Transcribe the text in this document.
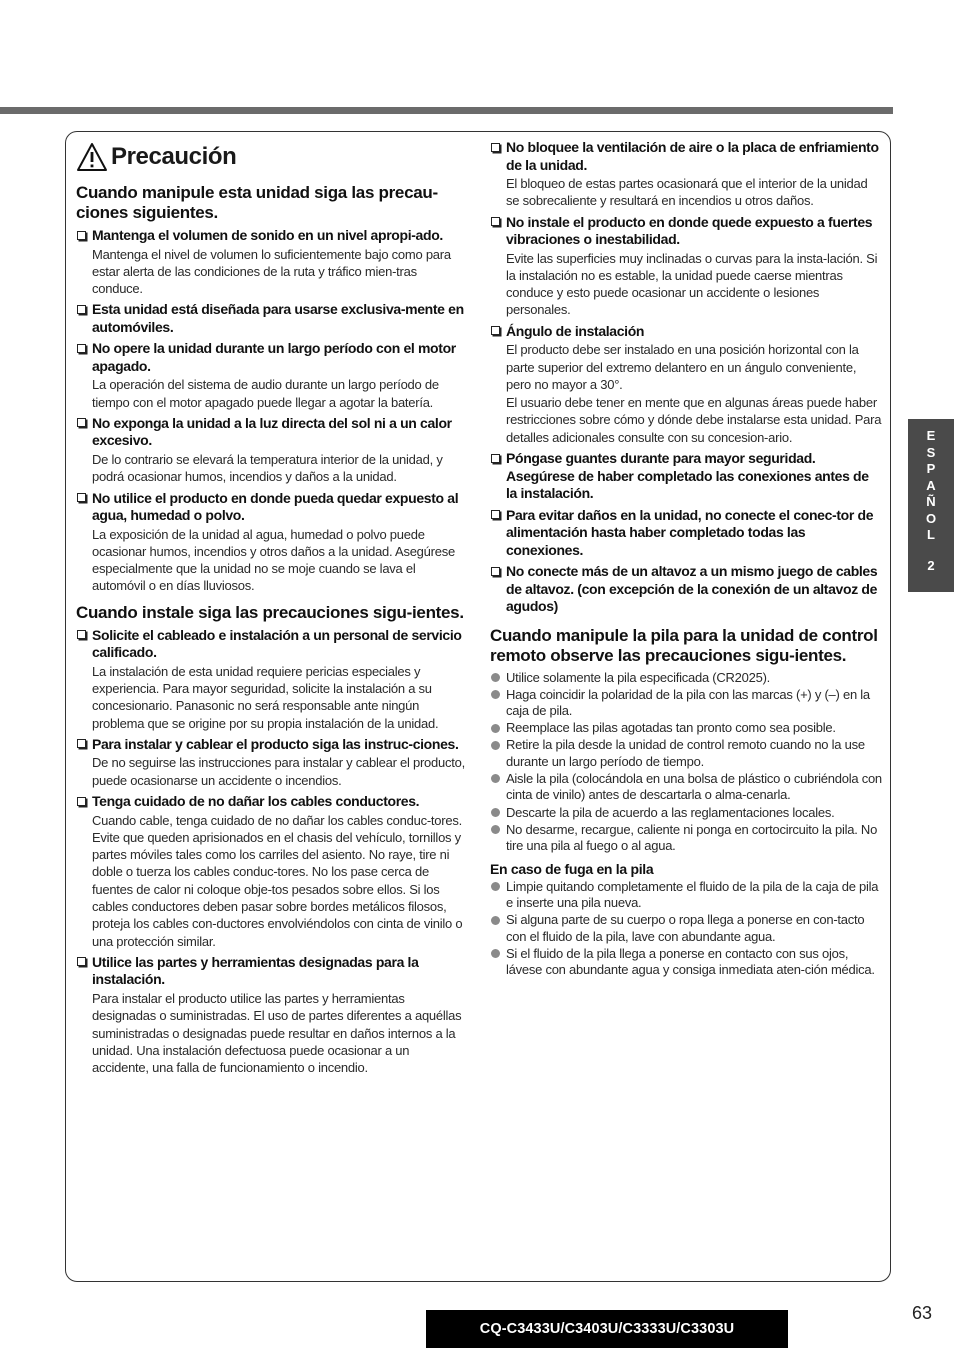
Precaución
Cuando manipule esta unidad siga las precau-ciones siguientes.
Mantenga el volumen de sonido en un nivel apropi-ado.
Mantenga el nivel de volumen lo suficientemente bajo como para estar alerta de las condiciones de la ruta y tráfico mien-tras conduce.
Esta unidad está diseñada para usarse exclusiva-mente en automóviles.
No opere la unidad durante un largo período con el motor apagado.
La operación del sistema de audio durante un largo período de tiempo con el motor apagado puede llegar a agotar la batería.
No exponga la unidad a la luz directa del sol ni a un calor excesivo.
De lo contrario se elevará la temperatura interior de la unidad, y podrá ocasionar humos, incendios y daños a la unidad.
No utilice el producto en donde pueda quedar expuesto al agua, humedad o polvo.
La exposición de la unidad al agua, humedad o polvo puede ocasionar humos, incendios y otros daños a la unidad. Asegúrese especialmente que la unidad no se moje cuando se lava el automóvil o en días lluviosos.
Cuando instale siga las precauciones sigu-ientes.
Solicite el cableado e instalación a un personal de servicio calificado.
La instalación de esta unidad requiere pericias especiales y experiencia. Para mayor seguridad, solicite la instalación a su concesionario. Panasonic no será responsable ante ningún problema que se origine por su propia instalación de la unidad.
Para instalar y cablear el producto siga las instruc-ciones.
De no seguirse las instrucciones para instalar y cablear el producto, puede ocasionarse un accidente o incendios.
Tenga cuidado de no dañar los cables conductores.
Cuando cable, tenga cuidado de no dañar los cables conduc-tores. Evite que queden aprisionados en el chasis del vehículo, tornillos y partes móviles tales como los carriles del asiento. No raye, tire ni doble o tuerza los cables conduc-tores. No los pase cerca de fuentes de calor ni coloque obje-tos pesados sobre ellos. Si los cables conductores deben pasar sobre bordes metálicos filosos, proteja los cables con-ductores envolviéndolos con cinta de vinilo o una protección similar.
Utilice las partes y herramientas designadas para la instalación.
Para instalar el producto utilice las partes y herramientas designadas o suministradas. El uso de partes diferentes a aquéllas suministradas o designadas puede resultar en daños internos a la unidad. Una instalación defectuosa puede ocasionar a un accidente, una falla de funcionamiento o incendio.
No bloquee la ventilación de aire o la placa de enfriamiento de la unidad.
El bloqueo de estas partes ocasionará que el interior de la unidad se sobrecaliente y resultará en incendios u otros daños.
No instale el producto en donde quede expuesto a fuertes vibraciones o inestabilidad.
Evite las superficies muy inclinadas o curvas para la insta-lación. Si la instalación no es estable, la unidad puede caerse mientras conduce y esto puede ocasionar un accidente o lesiones personales.
Ángulo de instalación
El producto debe ser instalado en una posición horizontal con la parte superior del extremo delantero en un ángulo conveniente, pero no mayor a 30°.
El usuario debe tener en mente que en algunas áreas puede haber restricciones sobre cómo y dónde debe instalarse esta unidad. Para detalles adicionales consulte con su concesion-ario.
Póngase guantes durante para mayor seguridad. Asegúrese de haber completado las conexiones antes de la instalación.
Para evitar daños en la unidad, no conecte el conec-tor de alimentación hasta haber completado todas las conexiones.
No conecte más de un altavoz a un mismo juego de cables de altavoz. (con excepción de la conexión de un altavoz de agudos)
Cuando manipule la pila para la unidad de control remoto observe las precauciones sigu-ientes.
Utilice solamente la pila especificada (CR2025).
Haga coincidir la polaridad de la pila con las marcas (+) y (–) en la caja de pila.
Reemplace las pilas agotadas tan pronto como sea posible.
Retire la pila desde la unidad de control remoto cuando no la use durante un largo período de tiempo.
Aisle la pila (colocándola en una bolsa de plástico o cubriéndola con cinta de vinilo) antes de descartarla o alma-cenarla.
Descarte la pila de acuerdo a las reglamentaciones locales.
No desarme, recargue, caliente ni ponga en cortocircuito la pila. No tire una pila al fuego o al agua.
En caso de fuga en la pila
Limpie quitando completamente el fluido de la pila de la caja de pila e inserte una pila nueva.
Si alguna parte de su cuerpo o ropa llega a ponerse en con-tacto con el fluido de la pila, lave con abundante agua.
Si el fluido de la pila llega a ponerse en contacto con sus ojos, lávese con abundante agua y consiga inmediata aten-ción médica.
E
S
P
A
Ñ
O
L
2
CQ-C3433U/C3403U/C3333U/C3303U
63
